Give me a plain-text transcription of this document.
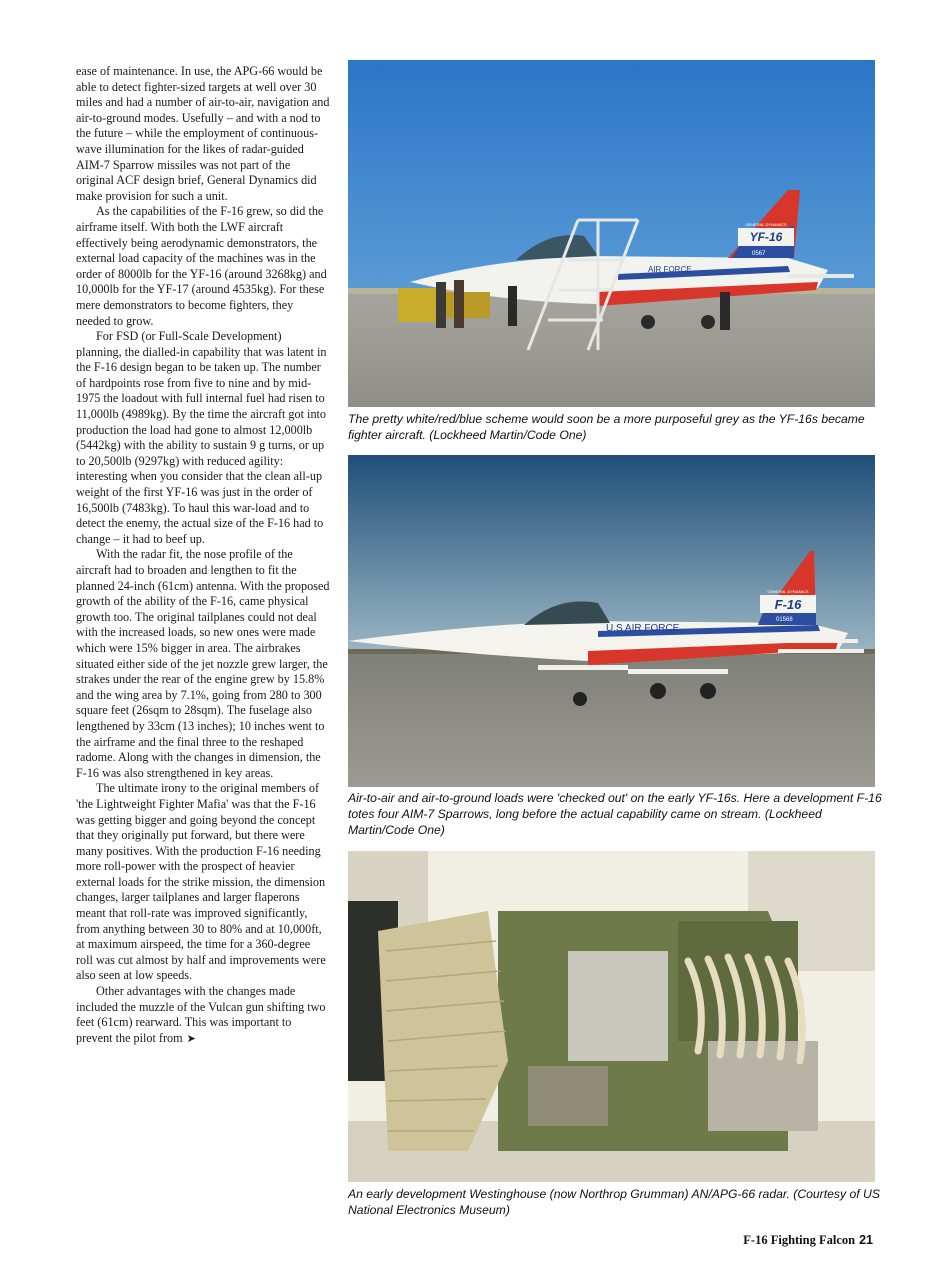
ease of maintenance. In use, the APG-66 would be able to detect fighter-sized targets at well over 30 miles and had a number of air-to-air, navigation and air-to-ground modes. Usefully – and with a nod to the future – while the employment of continuous-wave illumination for the likes of radar-guided AIM-7 Sparrow missiles was not part of the original ACF design brief, General Dynamics did make provision for such a unit.

As the capabilities of the F-16 grew, so did the airframe itself. With both the LWF aircraft effectively being aerodynamic demonstrators, the external load capacity of the machines was in the order of 8000lb for the YF-16 (around 3268kg) and 10,000lb for the YF-17 (around 4535kg). For these mere demonstrators to become fighters, they needed to grow.

For FSD (or Full-Scale Development) planning, the dialled-in capability that was latent in the F-16 design began to be taken up. The number of hardpoints rose from five to nine and by mid-1975 the loadout with full internal fuel had risen to 11,000lb (4989kg). By the time the aircraft got into production the load had gone to almost 12,000lb (5442kg) with the ability to sustain 9 g turns, or up to 20,500lb (9297kg) with reduced agility: interesting when you consider that the clean all-up weight of the first YF-16 was just in the order of 16,500lb (7483kg). To haul this war-load and to detect the enemy, the actual size of the F-16 had to change – it had to beef up.

With the radar fit, the nose profile of the aircraft had to broaden and lengthen to fit the planned 24-inch (61cm) antenna. With the proposed growth of the ability of the F-16, came physical growth too. The original tailplanes could not deal with the increased loads, so new ones were made which were 15% bigger in area. The airbrakes situated either side of the jet nozzle grew larger, the strakes under the rear of the engine grew by 15.8% and the wing area by 7.1%, going from 280 to 300 square feet (26sqm to 28sqm). The fuselage also lengthened by 33cm (13 inches); 10 inches went to the airframe and the final three to the reshaped radome. Along with the changes in dimension, the F-16 was also strengthened in key areas.

The ultimate irony to the original members of 'the Lightweight Fighter Mafia' was that the F-16 was getting bigger and going beyond the concept that they originally put forward, but there were many positives. With the production F-16 needing more roll-power with the prospect of heavier external loads for the strike mission, the dimension changes, larger tailplanes and larger flaperons meant that roll-rate was improved significantly, from anything between 30 to 80% and at 10,000ft, at maximum airspeed, the time for a 360-degree roll was cut almost by half and improvements were also seen at low speeds.

Other advantages with the changes made included the muzzle of the Vulcan gun shifting two feet (61cm) rearward. This was important to prevent the pilot from ➤

YF-16
GENERAL DYNAMICS
0567
AIR FORCE
The pretty white/red/blue scheme would soon be a more purposeful grey as the YF-16s became fighter aircraft. (Lockheed Martin/Code One)
F-16
GENERAL DYNAMICS
01568
U.S AIR FORCE
Air-to-air and air-to-ground loads were 'checked out' on the early YF-16s. Here a development F-16 totes four AIM-7 Sparrows, long before the actual capability came on stream. (Lockheed Martin/Code One)
An early development Westinghouse (now Northrop Grumman) AN/APG-66 radar. (Courtesy of US National Electronics Museum)
F-16 Fighting Falcon 21
